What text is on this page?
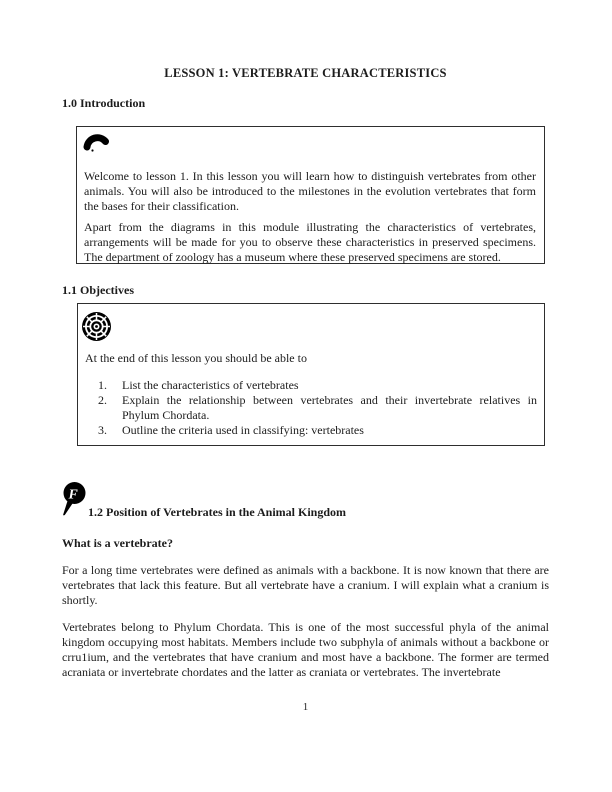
LESSON 1: VERTEBRATE CHARACTERISTICS
1.0 Introduction
Welcome to lesson 1. In this lesson you will learn how to distinguish vertebrates from other animals. You will also be introduced to the milestones in the evolution vertebrates that form the bases for their classification.
Apart from the diagrams in this module illustrating the characteristics of vertebrates, arrangements will be made for you to observe these characteristics in preserved specimens. The department of zoology has a museum where these preserved specimens are stored.
1.1 Objectives
At the end of this lesson you should be able to
1.	List the characteristics of vertebrates
2.	Explain the relationship between vertebrates and their invertebrate relatives in Phylum Chordata.
3.	Outline the criteria used in classifying: vertebrates
F
1.2 Position of Vertebrates in the Animal Kingdom
What is a vertebrate?
For a long time vertebrates were defined as animals with a backbone. It is now known that there are vertebrates that lack this feature. But all vertebrate have a cranium. I will explain what a cranium is shortly.
Vertebrates belong to Phylum Chordata. This is one of the most successful phyla of the animal kingdom occupying most habitats. Members include two subphyla of animals without a backbone or crru1ium, and the vertebrates that have cranium and most have a backbone. The former are termed acraniata or invertebrate chordates and the latter as craniata or vertebrates. The invertebrate
1
